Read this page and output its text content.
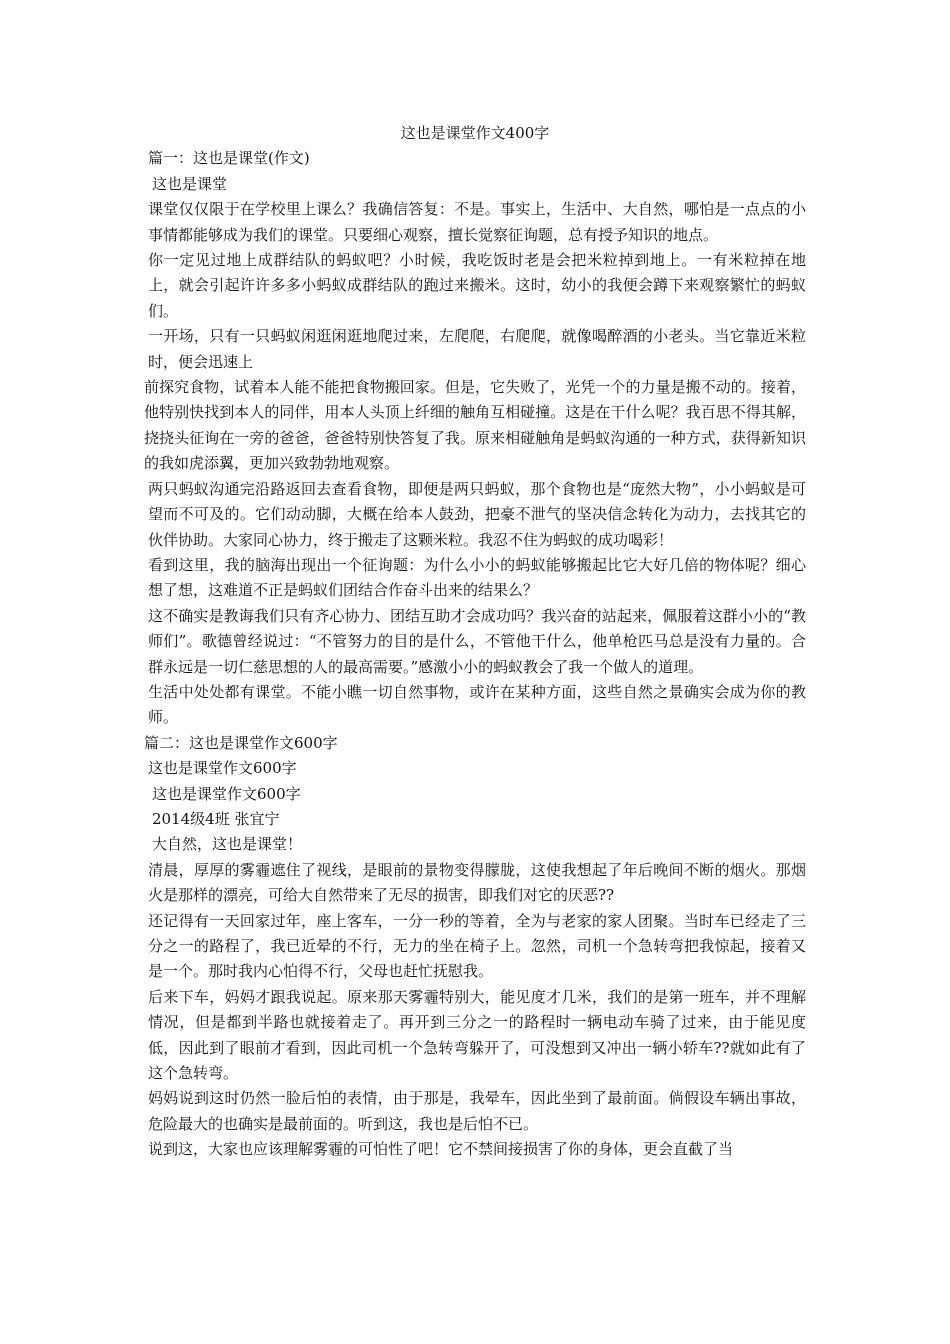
这也是课堂作文400字

篇一：这也是课堂(作文)

这也是课堂

课堂仅仅限于在学校里上课么？我确信答复：不是。事实上，生活中、大自然，哪怕是一点点的小事情都能够成为我们的课堂。只要细心观察，擅长觉察征询题，总有授予知识的地点。

你一定见过地上成群结队的蚂蚁吧？小时候，我吃饭时老是会把米粒掉到地上。一有米粒掉在地上，就会引起许许多多小蚂蚁成群结队的跑过来搬米。这时，幼小的我便会蹲下来观察繁忙的蚂蚁们。

一开场，只有一只蚂蚁闲逛闲逛地爬过来，左爬爬，右爬爬，就像喝醉酒的小老头。当它靠近米粒时，便会迅速上

前探究食物，试着本人能不能把食物搬回家。但是，它失败了，光凭一个的力量是搬不动的。接着，他特别快找到本人的同伴，用本人头顶上纤细的触角互相碰撞。这是在干什么呢？我百思不得其解，挠挠头征询在一旁的爸爸，爸爸特别快答复了我。原来相碰触角是蚂蚁沟通的一种方式，获得新知识的我如虎添翼，更加兴致勃勃地观察。

两只蚂蚁沟通完沿路返回去查看食物，即便是两只蚂蚁，那个食物也是“庞然大物”，小小蚂蚁是可望而不可及的。它们动动脚，大概在给本人鼓劲，把豪不泄气的坚决信念转化为动力，去找其它的伙伴协助。大家同心协力，终于搬走了这颗米粒。我忍不住为蚂蚁的成功喝彩！

看到这里，我的脑海出现出一个征询题：为什么小小的蚂蚁能够搬起比它大好几倍的物体呢？细心想了想，这难道不正是蚂蚁们团结合作奋斗出来的结果么？

这不确实是教诲我们只有齐心协力、团结互助才会成功吗？我兴奋的站起来，佩服着这群小小的“教师们”。歌德曾经说过：“不管努力的目的是什么，不管他干什么，他单枪匹马总是没有力量的。合群永远是一切仁慈思想的人的最高需要。”感激小小的蚂蚁教会了我一个做人的道理。

生活中处处都有课堂。不能小瞧一切自然事物，或许在某种方面，这些自然之景确实会成为你的教师。

篇二：这也是课堂作文600字

这也是课堂作文600字

这也是课堂作文600字

2014级4班 张宜宁

大自然，这也是课堂！

清晨，厚厚的雾霾遮住了视线，是眼前的景物变得朦胧，这使我想起了年后晚间不断的烟火。那烟火是那样的漂亮，可给大自然带来了无尽的损害，即我们对它的厌恶??

还记得有一天回家过年，座上客车，一分一秒的等着，全为与老家的家人团聚。当时车已经走了三分之一的路程了，我已近晕的不行，无力的坐在椅子上。忽然，司机一个急转弯把我惊起，接着又是一个。那时我内心怕得不行，父母也赶忙抚慰我。

后来下车，妈妈才跟我说起。原来那天雾霾特别大，能见度才几米，我们的是第一班车，并不理解情况，但是都到半路也就接着走了。再开到三分之一的路程时一辆电动车骑了过来，由于能见度低，因此到了眼前才看到，因此司机一个急转弯躲开了，可没想到又冲出一辆小轿车??就如此有了这个急转弯。

妈妈说到这时仍然一脸后怕的表情，由于那是，我晕车，因此坐到了最前面。倘假设车辆出事故，危险最大的也确实是最前面的。听到这，我也是后怕不已。

说到这，大家也应该理解雾霾的可怕性了吧！它不禁间接损害了你的身体，更会直截了当
